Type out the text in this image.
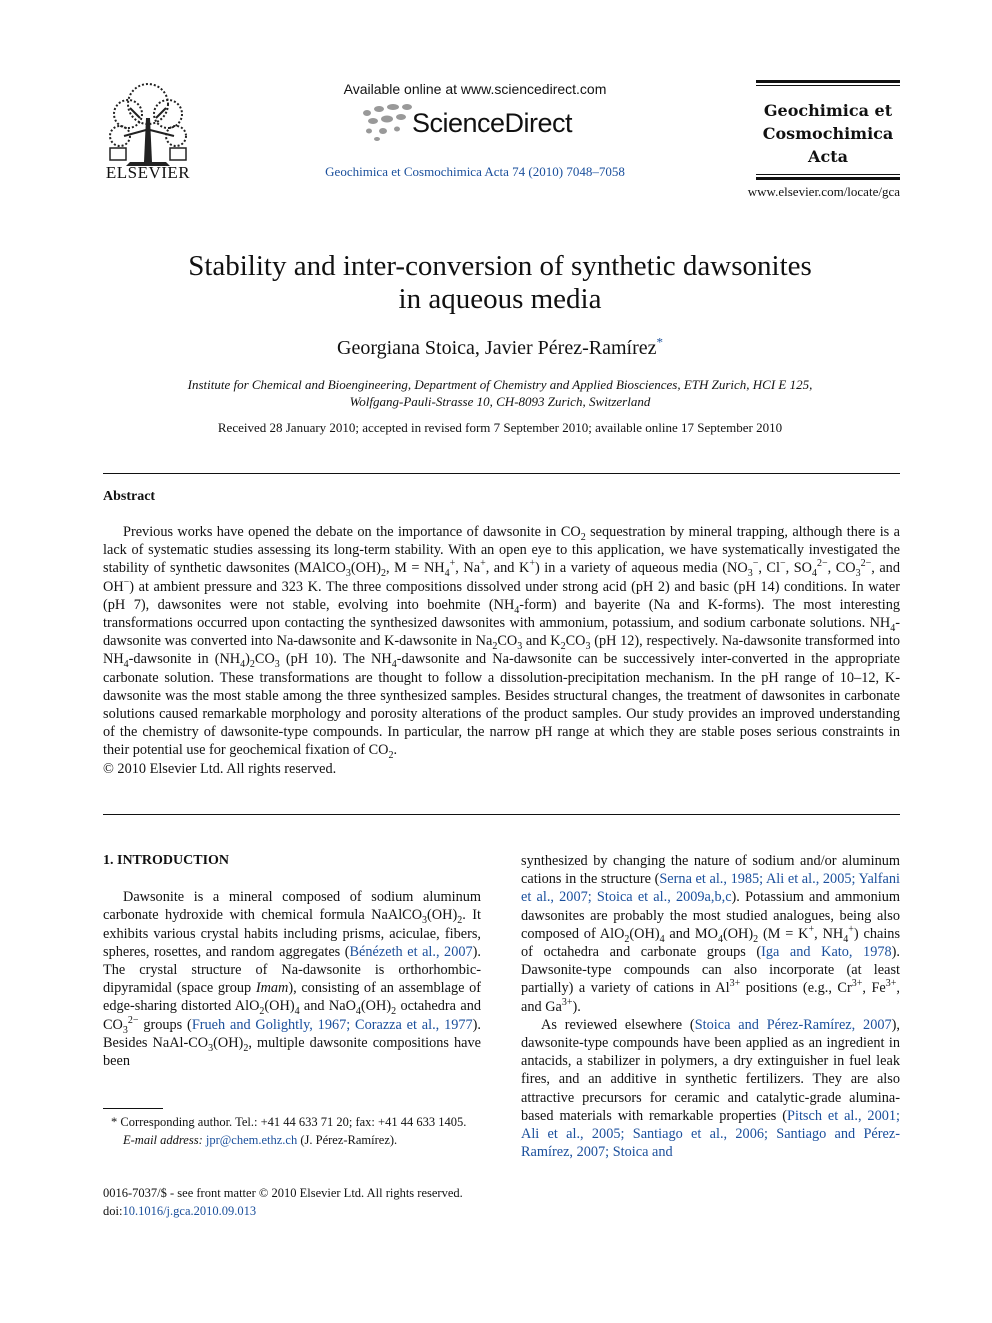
ELSEVIER
Available online at www.sciencedirect.com
ScienceDirect
Geochimica et Cosmochimica Acta 74 (2010) 7048–7058
Geochimica et
Cosmochimica
Acta
www.elsevier.com/locate/gca
Stability and inter-conversion of synthetic dawsonites
in aqueous media
Georgiana Stoica, Javier Pérez-Ramírez*
Institute for Chemical and Bioengineering, Department of Chemistry and Applied Biosciences, ETH Zurich, HCI E 125,
Wolfgang-Pauli-Strasse 10, CH-8093 Zurich, Switzerland
Received 28 January 2010; accepted in revised form 7 September 2010; available online 17 September 2010
Abstract

Previous works have opened the debate on the importance of dawsonite in $CO_2$ sequestration by mineral trapping, although there is a lack of systematic studies assessing its long-term stability. With an open eye to this application, we have systematically investigated the stability of synthetic dawsonites ($MAlCO_3(OH)_2$, $M = NH_4^+$, Na+, and K+) in a variety of aqueous media ($NO_3^-$, Cl−, $SO_4^{2-}$, $CO_3^{2-}$, and OH−) at ambient pressure and 323 K. The three compositions dissolved under strong acid (pH 2) and basic (pH 14) conditions. In water (pH 7), dawsonites were not stable, evolving into boehmite $(NH_4-form)$ and bayerite (Na and K-forms). The most interesting transformations occurred upon contacting the synthesized dawsonites with ammonium, potassium, and sodium carbonate solutions. $NH_4$-dawsonite was converted into Na-dawsonite and K-dawsonite in $Na_2CO_3$ and $K_2CO_3$ (pH 12), respectively. Na-dawsonite transformed into $NH_4$-dawsonite in $(NH_4)_2CO_3$ (pH 10). The $NH_4$-dawsonite and Na-dawsonite can be successively inter-converted in the appropriate carbonate solution. These transformations are thought to follow a dissolution-precipitation mechanism. In the pH range of 10–12, K-dawsonite was the most stable among the three synthesized samples. Besides structural changes, the treatment of dawsonites in carbonate solutions caused remarkable morphology and porosity alterations of the product samples. Our study provides an improved understanding of the chemistry of dawsonite-type compounds. In particular, the narrow pH range at which they are stable poses serious constraints in their potential use for geochemical fixation of $CO_2$.

© 2010 Elsevier Ltd. All rights reserved.

1. INTRODUCTION

Dawsonite is a mineral composed of sodium aluminum carbonate hydroxide with chemical formula $NaAlCO_3(OH)_2$. It exhibits various crystal habits including prisms, aciculae, fibers, spheres, rosettes, and random aggregates (Bénézeth et al., 2007). The crystal structure of Na-dawsonite is orthorhombic-dipyramidal (space group Imam), consisting of an assemblage of edge-sharing distorted $AlO_2(OH)_4$ and $NaO_4(OH)_2$ octahedra and $CO_3^{2-}$ groups (Frueh and Golightly, 1967; Corazza et al., 1977). Besides NaAl-$CO_3(OH)_2$, multiple dawsonite compositions have been

synthesized by changing the nature of sodium and/or aluminum cations in the structure (Serna et al., 1985; Ali et al., 2005; Yalfani et al., 2007; Stoica et al., 2009a,b,c). Potassium and ammonium dawsonites are probably the most studied analogues, being also composed of $AlO_2(OH)_4$ and $MO_4(OH)_2$ (M = K+, $NH_4^+$) chains of octahedra and carbonate groups (Iga and Kato, 1978). Dawsonite-type compounds can also incorporate (at least partially) a variety of cations in $Al^{3+}$ positions (e.g., $Cr^{3+}$, $Fe^{3+}$, and $Ga^{3+}$).

As reviewed elsewhere (Stoica and Pérez-Ramírez, 2007), dawsonite-type compounds have been applied as an ingredient in antacids, a stabilizer in polymers, a dry extinguisher in fuel leak fires, and an additive in synthetic fertilizers. They are also attractive precursors for ceramic and catalytic-grade alumina-based materials with remarkable properties (Pitsch et al., 2001; Ali et al., 2005; Santiago et al., 2006; Santiago and Pérez-Ramírez, 2007; Stoica and

* Corresponding author. Tel.: +41 44 633 71 20; fax: +41 44 633 1405.
E-mail address: jpr@chem.ethz.ch (J. Pérez-Ramírez).
0016-7037/$ - see front matter © 2010 Elsevier Ltd. All rights reserved.
doi:10.1016/j.gca.2010.09.013
